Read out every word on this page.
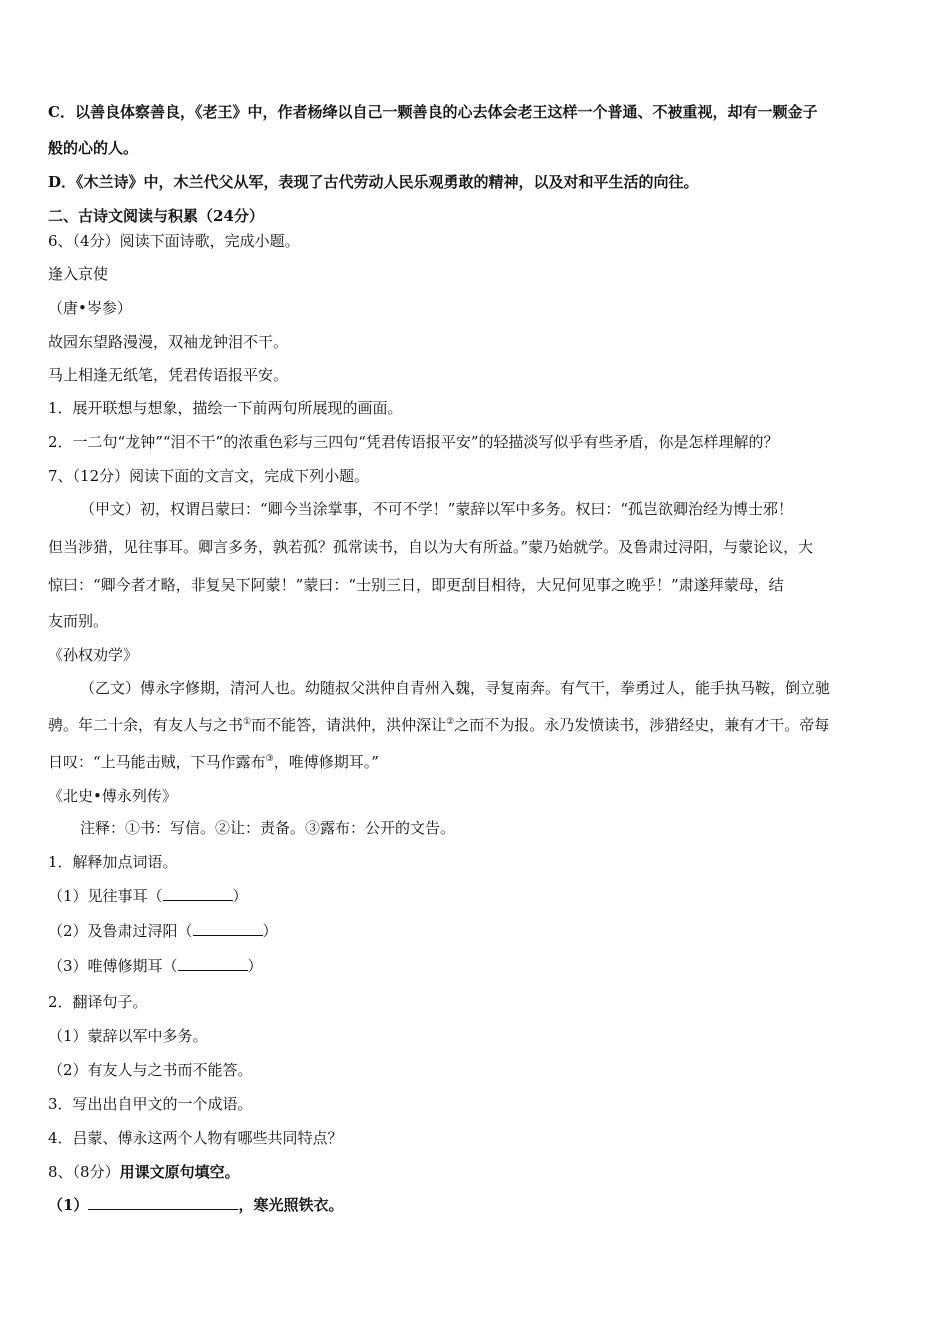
C．以善良体察善良，《老王》中，作者杨绛以自己一颗善良的心去体会老王这样一个普通、不被重视，却有一颗金子
般的心的人。
D．《木兰诗》中，木兰代父从军，表现了古代劳动人民乐观勇敢的精神，以及对和平生活的向往。
二、古诗文阅读与积累（24分）
6、（4分）阅读下面诗歌，完成小题。
逢入京使
（唐•岑参）
故园东望路漫漫，双袖龙钟泪不干。
马上相逢无纸笔，凭君传语报平安。
1．展开联想与想象，描绘一下前两句所展现的画面。
2．一二句“龙钟”“泪不干”的浓重色彩与三四句“凭君传语报平安”的轻描淡写似乎有些矛盾，你是怎样理解的？
7、（12分）阅读下面的文言文，完成下列小题。
（甲文）初，权谓吕蒙曰：“卿今当涂掌事，不可不学！”蒙辞以军中多务。权曰：“孤岂欲卿治经为博士邪！
但当涉猎，见往事耳。卿言多务，孰若孤？孤常读书，自以为大有所益。”蒙乃始就学。及鲁肃过浔阳，与蒙论议，大
惊曰：“卿今者才略，非复吴下阿蒙！”蒙曰：“士别三日，即更刮目相待，大兄何见事之晚乎！”肃遂拜蒙母，结
友而别。
《孙权劝学》
（乙文）傅永字修期，清河人也。幼随叔父洪仲自青州入魏，寻复南奔。有气干，拳勇过人，能手执马鞍，倒立驰
骋。年二十余，有友人与之书①而不能答，请洪仲，洪仲深让②之而不为报。永乃发愤读书，涉猎经史，兼有才干。帝每
日叹：“上马能击贼，下马作露布③，唯傅修期耳。”
《北史•傅永列传》
注释：①书：写信。②让：责备。③露布：公开的文告。
1．解释加点词语。
（1）见往事耳（	）
（2）及鲁肃过浔阳（	）
（3）唯傅修期耳（	）
2．翻译句子。
（1）蒙辞以军中多务。
（2）有友人与之书而不能答。
3．写出出自甲文的一个成语。
4．吕蒙、傅永这两个人物有哪些共同特点？
8、（8分）用课文原句填空。
（1）	，寒光照铁衣。
